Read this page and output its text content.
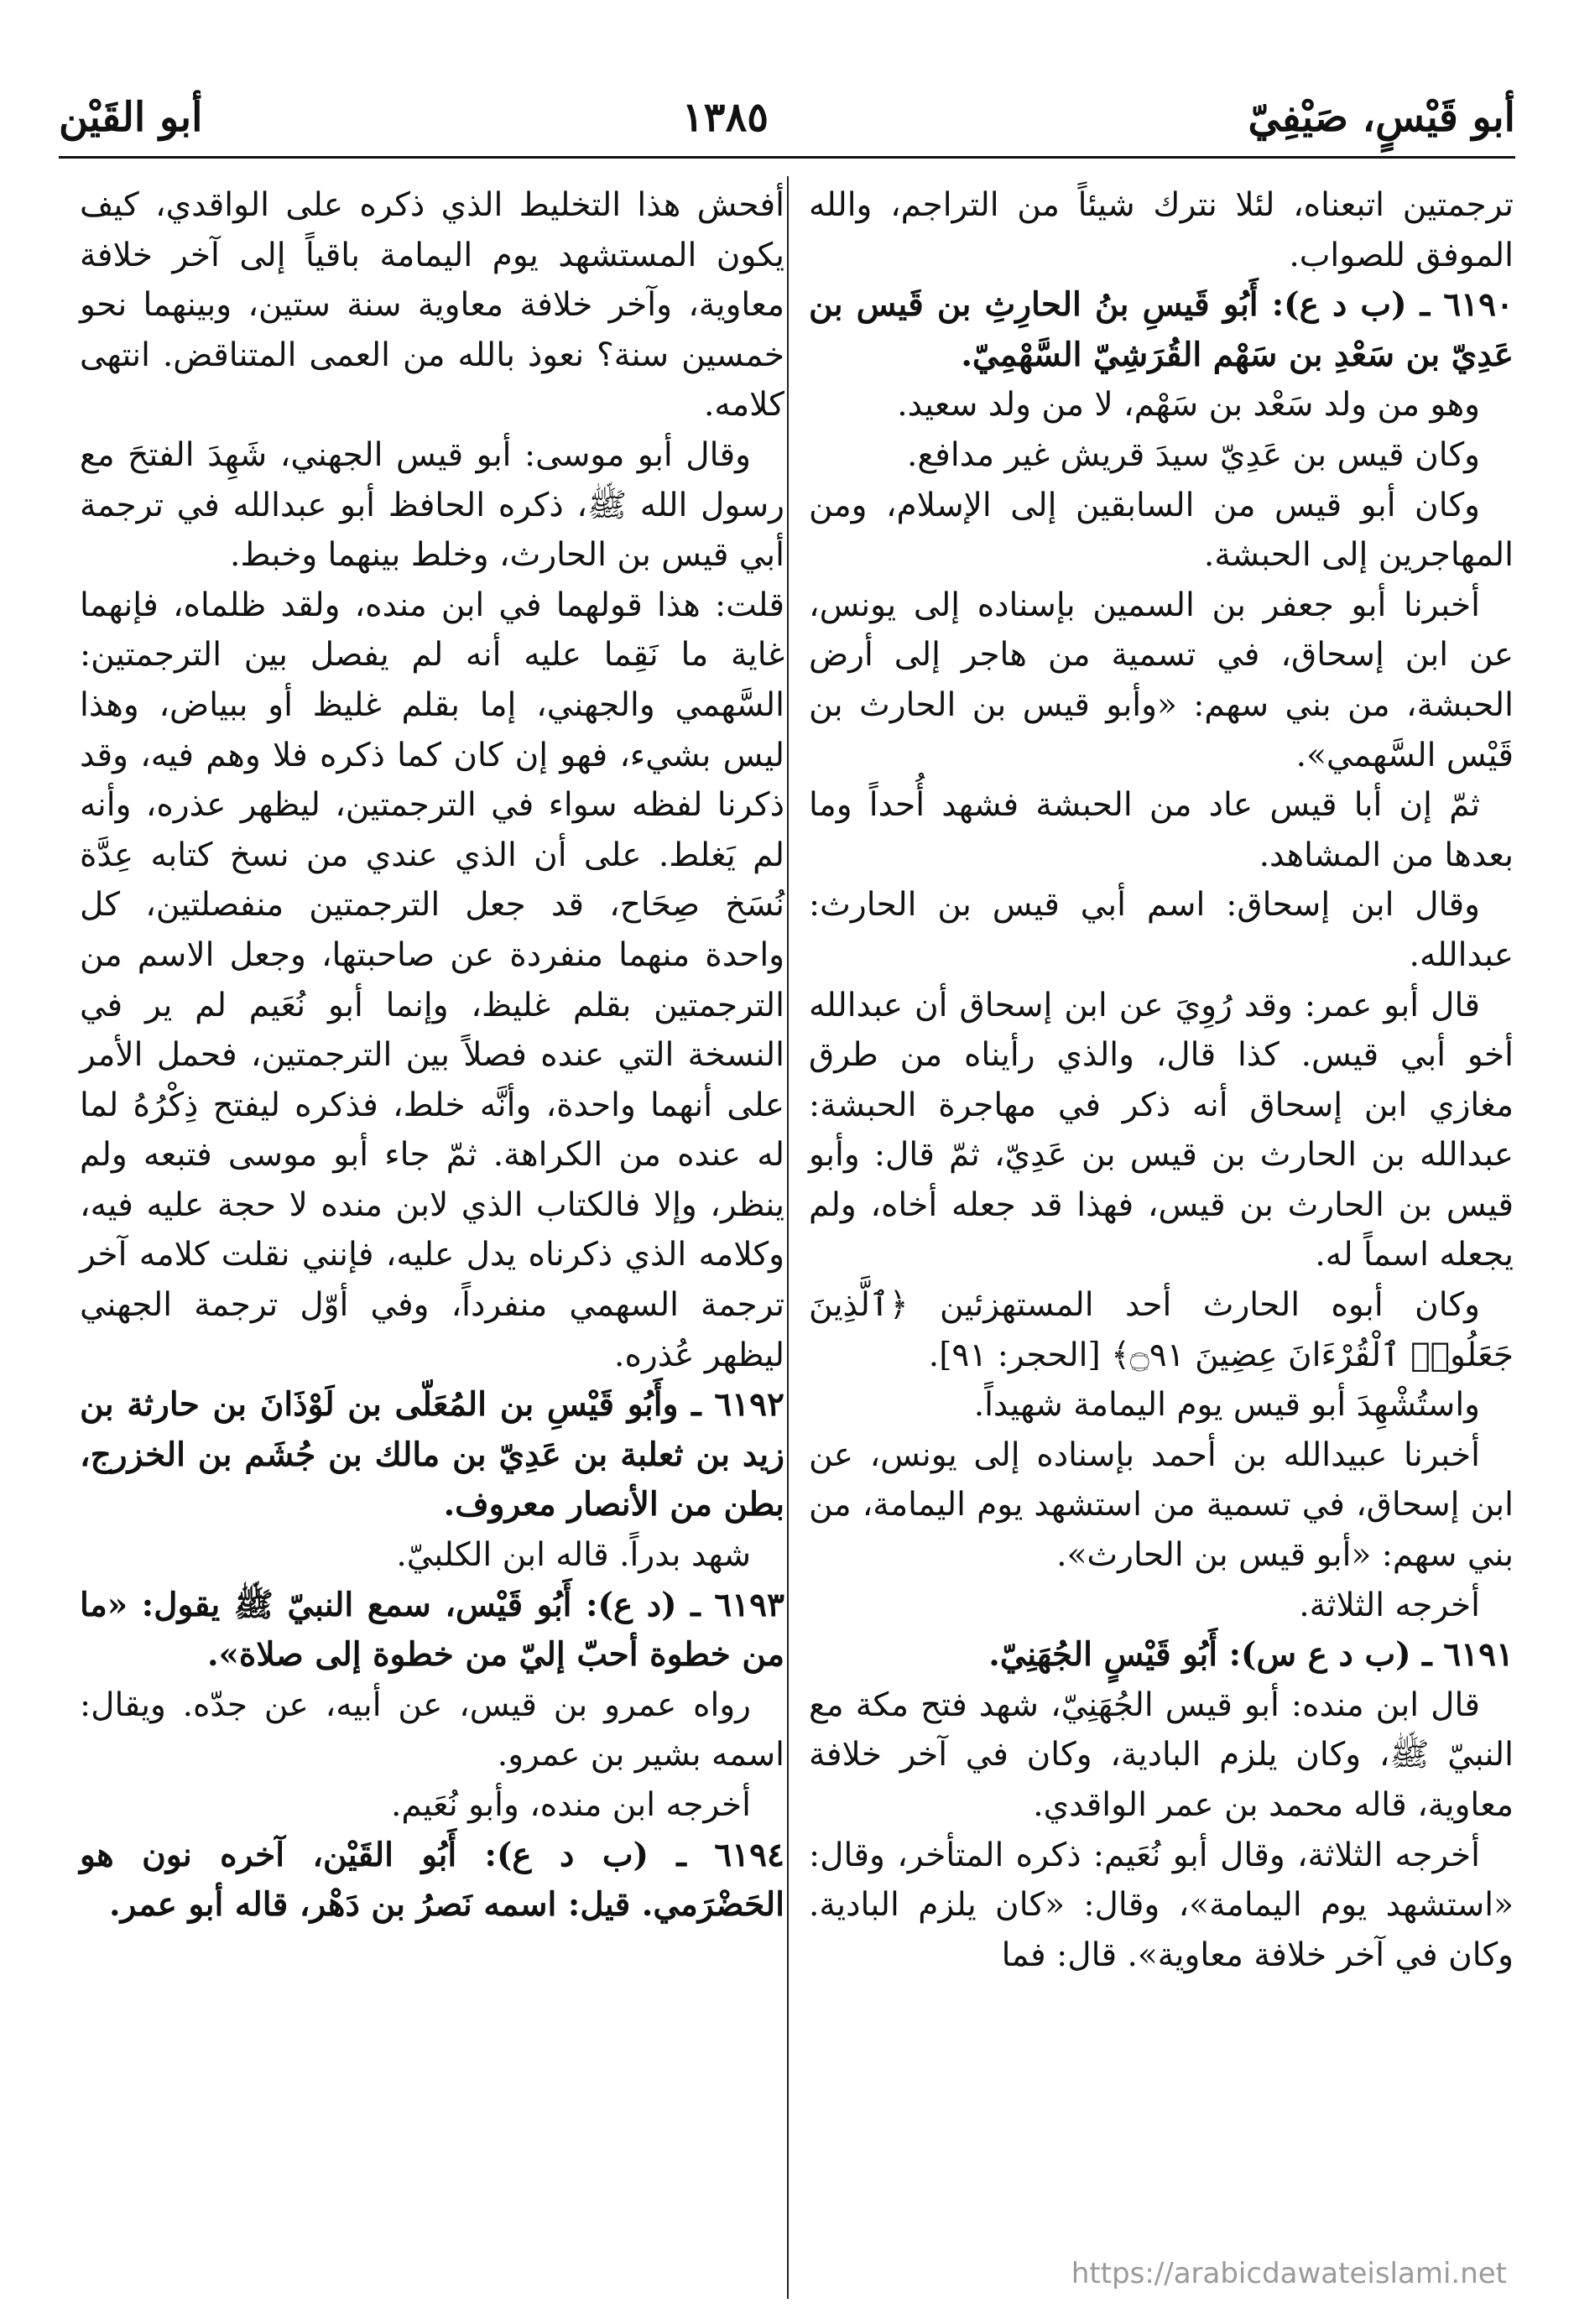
أبو قَيْسٍ، صَيْفِيّ
١٣٨٥
أبو القَيْن

ترجمتين اتبعناه، لئلا نترك شيئاً من التراجم، والله الموفق للصواب.

٦١٩٠ ـ (ب د ع): أَبُو قَيسِ بنُ الحارِثِ بن قَيس بن عَدِيّ بن سَعْدِ بن سَهْم القُرَشِيّ السَّهْمِيّ.

وهو من ولد سَعْد بن سَهْم، لا من ولد سعيد.

وكان قيس بن عَدِيّ سيدَ قريش غير مدافع.

وكان أبو قيس من السابقين إلى الإسلام، ومن المهاجرين إلى الحبشة.

أخبرنا أبو جعفر بن السمين بإسناده إلى يونس، عن ابن إسحاق، في تسمية من هاجر إلى أرض الحبشة، من بني سهم: «وأبو قيس بن الحارث بن قَيْس السَّهمي».

ثمّ إن أبا قيس عاد من الحبشة فشهد أُحداً وما بعدها من المشاهد.

وقال ابن إسحاق: اسم أبي قيس بن الحارث: عبدالله.

قال أبو عمر: وقد رُوِيَ عن ابن إسحاق أن عبدالله أخو أبي قيس. كذا قال، والذي رأيناه من طرق مغازي ابن إسحاق أنه ذكر في مهاجرة الحبشة: عبدالله بن الحارث بن قيس بن عَدِيّ، ثمّ قال: وأبو قيس بن الحارث بن قيس، فهذا قد جعله أخاه، ولم يجعله اسماً له.

وكان أبوه الحارث أحد المستهزئين ﴿ٱلَّذِينَ جَعَلُوا۟ ٱلْقُرْءَانَ عِضِينَ ۝٩١﴾ [الحجر: ٩١].

واستُشْهِدَ أبو قيس يوم اليمامة شهيداً.

أخبرنا عبيدالله بن أحمد بإسناده إلى يونس، عن ابن إسحاق، في تسمية من استشهد يوم اليمامة، من بني سهم: «أبو قيس بن الحارث».

أخرجه الثلاثة.

٦١٩١ ـ (ب د ع س): أَبُو قَيْسٍ الجُهَنِيّ.

قال ابن منده: أبو قيس الجُهَنِيّ، شهد فتح مكة مع النبيّ ﷺ، وكان يلزم البادية، وكان في آخر خلافة معاوية، قاله محمد بن عمر الواقدي.

أخرجه الثلاثة، وقال أبو نُعَيم: ذكره المتأخر، وقال: «استشهد يوم اليمامة»، وقال: «كان يلزم البادية. وكان في آخر خلافة معاوية». قال: فما

أفحش هذا التخليط الذي ذكره على الواقدي، كيف يكون المستشهد يوم اليمامة باقياً إلى آخر خلافة معاوية، وآخر خلافة معاوية سنة ستين، وبينهما نحو خمسين سنة؟ نعوذ بالله من العمى المتناقض. انتهى كلامه.

وقال أبو موسى: أبو قيس الجهني، شَهِدَ الفتحَ مع رسول الله ﷺ، ذكره الحافظ أبو عبدالله في ترجمة أبي قيس بن الحارث، وخلط بينهما وخبط.

قلت: هذا قولهما في ابن منده، ولقد ظلماه، فإنهما غاية ما نَقِما عليه أنه لم يفصل بين الترجمتين: السَّهمي والجهني، إما بقلم غليظ أو ببياض، وهذا ليس بشيء، فهو إن كان كما ذكره فلا وهم فيه، وقد ذكرنا لفظه سواء في الترجمتين، ليظهر عذره، وأنه لم يَغلط. على أن الذي عندي من نسخ كتابه عِدَّة نُسَخ صِحَاح، قد جعل الترجمتين منفصلتين، كل واحدة منهما منفردة عن صاحبتها، وجعل الاسم من الترجمتين بقلم غليظ، وإنما أبو نُعَيم لم ير في النسخة التي عنده فصلاً بين الترجمتين، فحمل الأمر على أنهما واحدة، وأنَّه خلط، فذكره ليفتح ذِكْرُهُ لما له عنده من الكراهة. ثمّ جاء أبو موسى فتبعه ولم ينظر، وإلا فالكتاب الذي لابن منده لا حجة عليه فيه، وكلامه الذي ذكرناه يدل عليه، فإنني نقلت كلامه آخر ترجمة السهمي منفرداً، وفي أوّل ترجمة الجهني ليظهر عُذره.

٦١٩٢ ـ وأَبُو قَيْسِ بن المُعَلّى بن لَوْذَانَ بن حارثة بن زيد بن ثعلبة بن عَدِيّ بن مالك بن جُشَم بن الخزرج، بطن من الأنصار معروف.

شهد بدراً. قاله ابن الكلبيّ.

٦١٩٣ ـ (د ع): أَبُو قَيْس، سمع النبيّ ﷺ يقول: «ما من خطوة أحبّ إليّ من خطوة إلى صلاة».

رواه عمرو بن قيس، عن أبيه، عن جدّه. ويقال: اسمه بشير بن عمرو.

أخرجه ابن منده، وأبو نُعَيم.

٦١٩٤ ـ (ب د ع): أَبُو القَيْن، آخره نون هو الحَضْرَمي. قيل: اسمه نَصرُ بن دَهْر، قاله أبو عمر.

https://arabicdawateislami.net
